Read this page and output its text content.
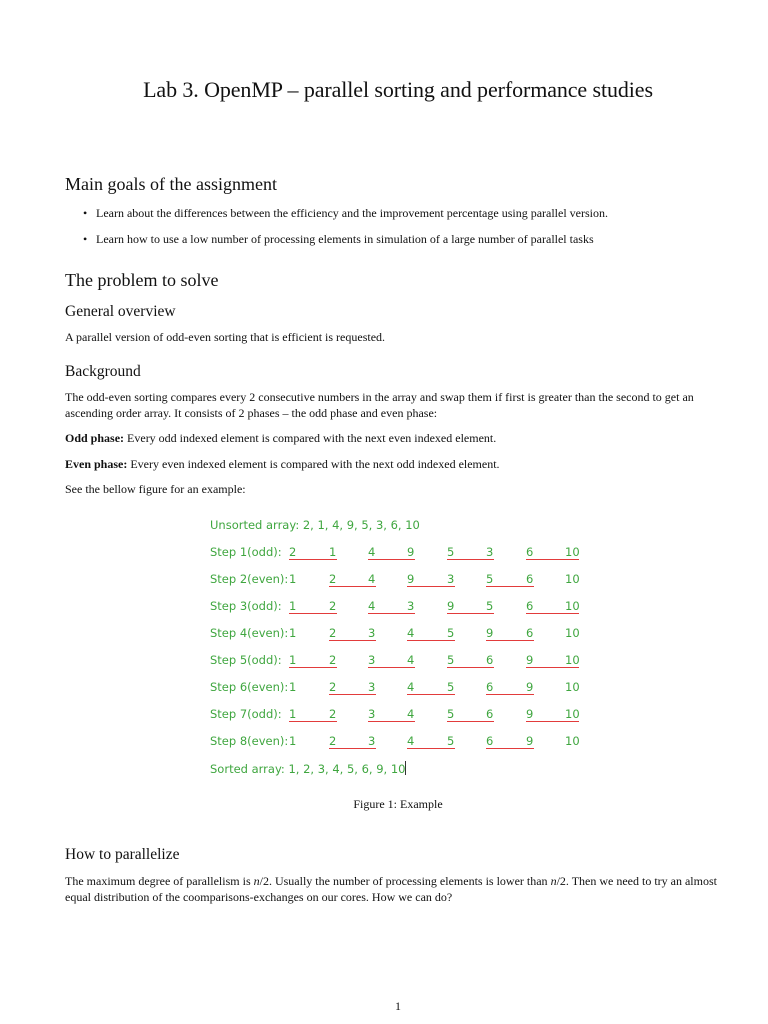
Lab 3. OpenMP – parallel sorting and performance studies
Main goals of the assignment
• Learn about the differences between the efficiency and the improvement percentage using parallel version.
• Learn how to use a low number of processing elements in simulation of a large number of parallel tasks
The problem to solve
General overview
A parallel version of odd-even sorting that is efficient is requested.
Background
The odd-even sorting compares every 2 consecutive numbers in the array and swap them if first is greater than the second to get an ascending order array. It consists of 2 phases – the odd phase and even phase:
Odd phase: Every odd indexed element is compared with the next even indexed element.
Even phase: Every even indexed element is compared with the next odd indexed element.
See the bellow figure for an example:
Unsorted array: 2, 1, 4, 9, 5, 3, 6, 10
Step 1(odd): 2	1	4	9	5	3	6	10
Step 2(even): 1	2	4	9	3	5	6	10
Step 3(odd): 1	2	4	3	9	5	6	10
Step 4(even): 1	2	3	4	5	9	6	10
Step 5(odd): 1	2	3	4	5	6	9	10
Step 6(even): 1	2	3	4	5	6	9	10
Step 7(odd): 1	2	3	4	5	6	9	10
Step 8(even): 1	2	3	4	5	6	9	10
Sorted array: 1, 2, 3, 4, 5, 6, 9, 10
Figure 1: Example
How to parallelize
The maximum degree of parallelism is n/2. Usually the number of processing elements is lower than n/2. Then we need to try an almost equal distribution of the coomparisons-exchanges on our cores. How we can do?
1
